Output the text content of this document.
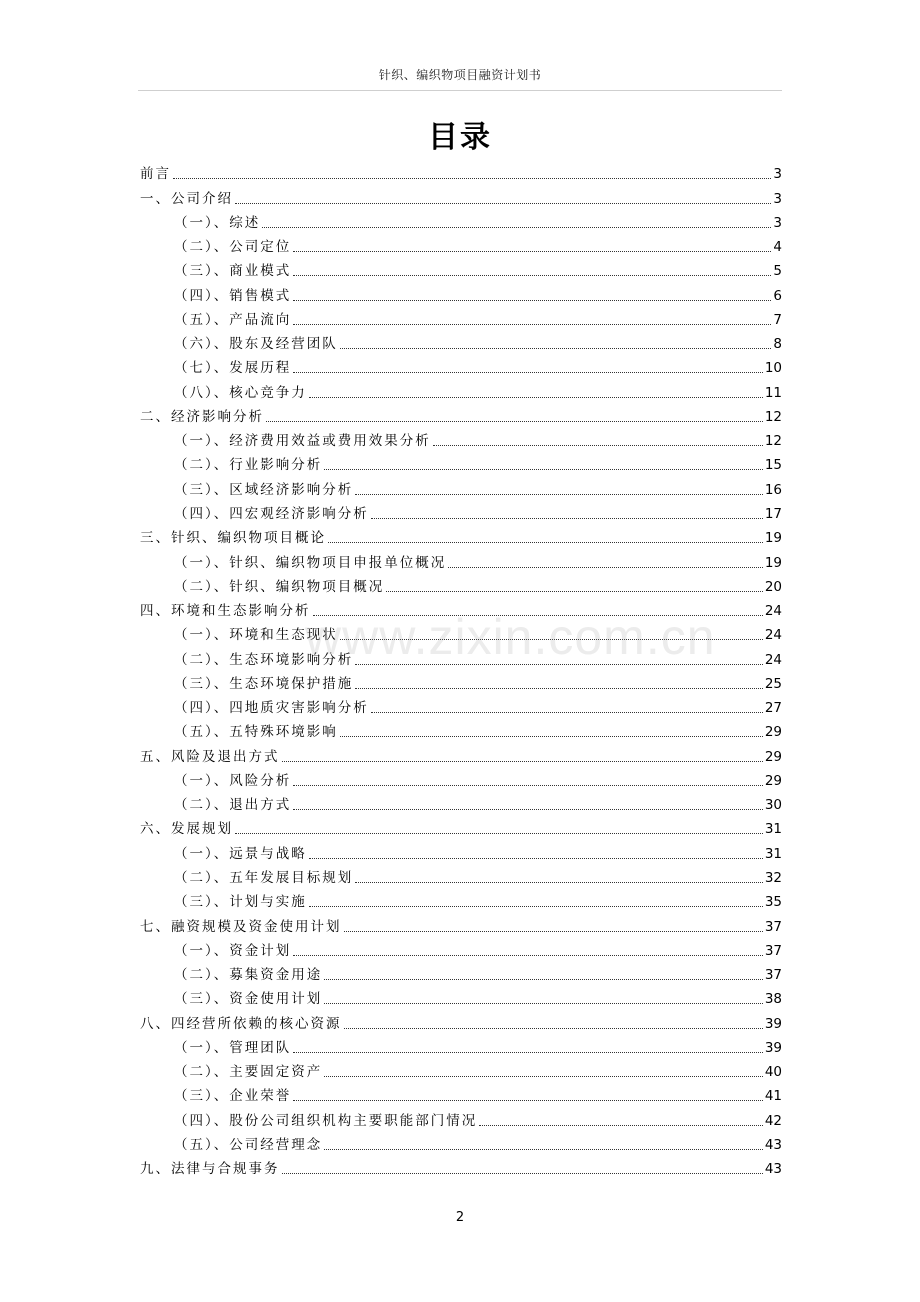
针织、编织物项目融资计划书
目录
前言	3
一、公司介绍	3
（一）、综述	3
（二）、公司定位	4
（三）、商业模式	5
（四）、销售模式	6
（五）、产品流向	7
（六）、股东及经营团队	8
（七）、发展历程	10
（八）、核心竞争力	11
二、经济影响分析	12
（一）、经济费用效益或费用效果分析	12
（二）、行业影响分析	15
（三）、区域经济影响分析	16
（四）、四宏观经济影响分析	17
三、针织、编织物项目概论	19
（一）、针织、编织物项目申报单位概况	19
（二）、针织、编织物项目概况	20
四、环境和生态影响分析	24
（一）、环境和生态现状	24
（二）、生态环境影响分析	24
（三）、生态环境保护措施	25
（四）、四地质灾害影响分析	27
（五）、五特殊环境影响	29
五、风险及退出方式	29
（一）、风险分析	29
（二）、退出方式	30
六、发展规划	31
（一）、远景与战略	31
（二）、五年发展目标规划	32
（三）、计划与实施	35
七、融资规模及资金使用计划	37
（一）、资金计划	37
（二）、募集资金用途	37
（三）、资金使用计划	38
八、四经营所依赖的核心资源	39
（一）、管理团队	39
（二）、主要固定资产	40
（三）、企业荣誉	41
（四）、股份公司组织机构主要职能部门情况	42
（五）、公司经营理念	43
九、法律与合规事务	43
www.zixin.com.cn
2
